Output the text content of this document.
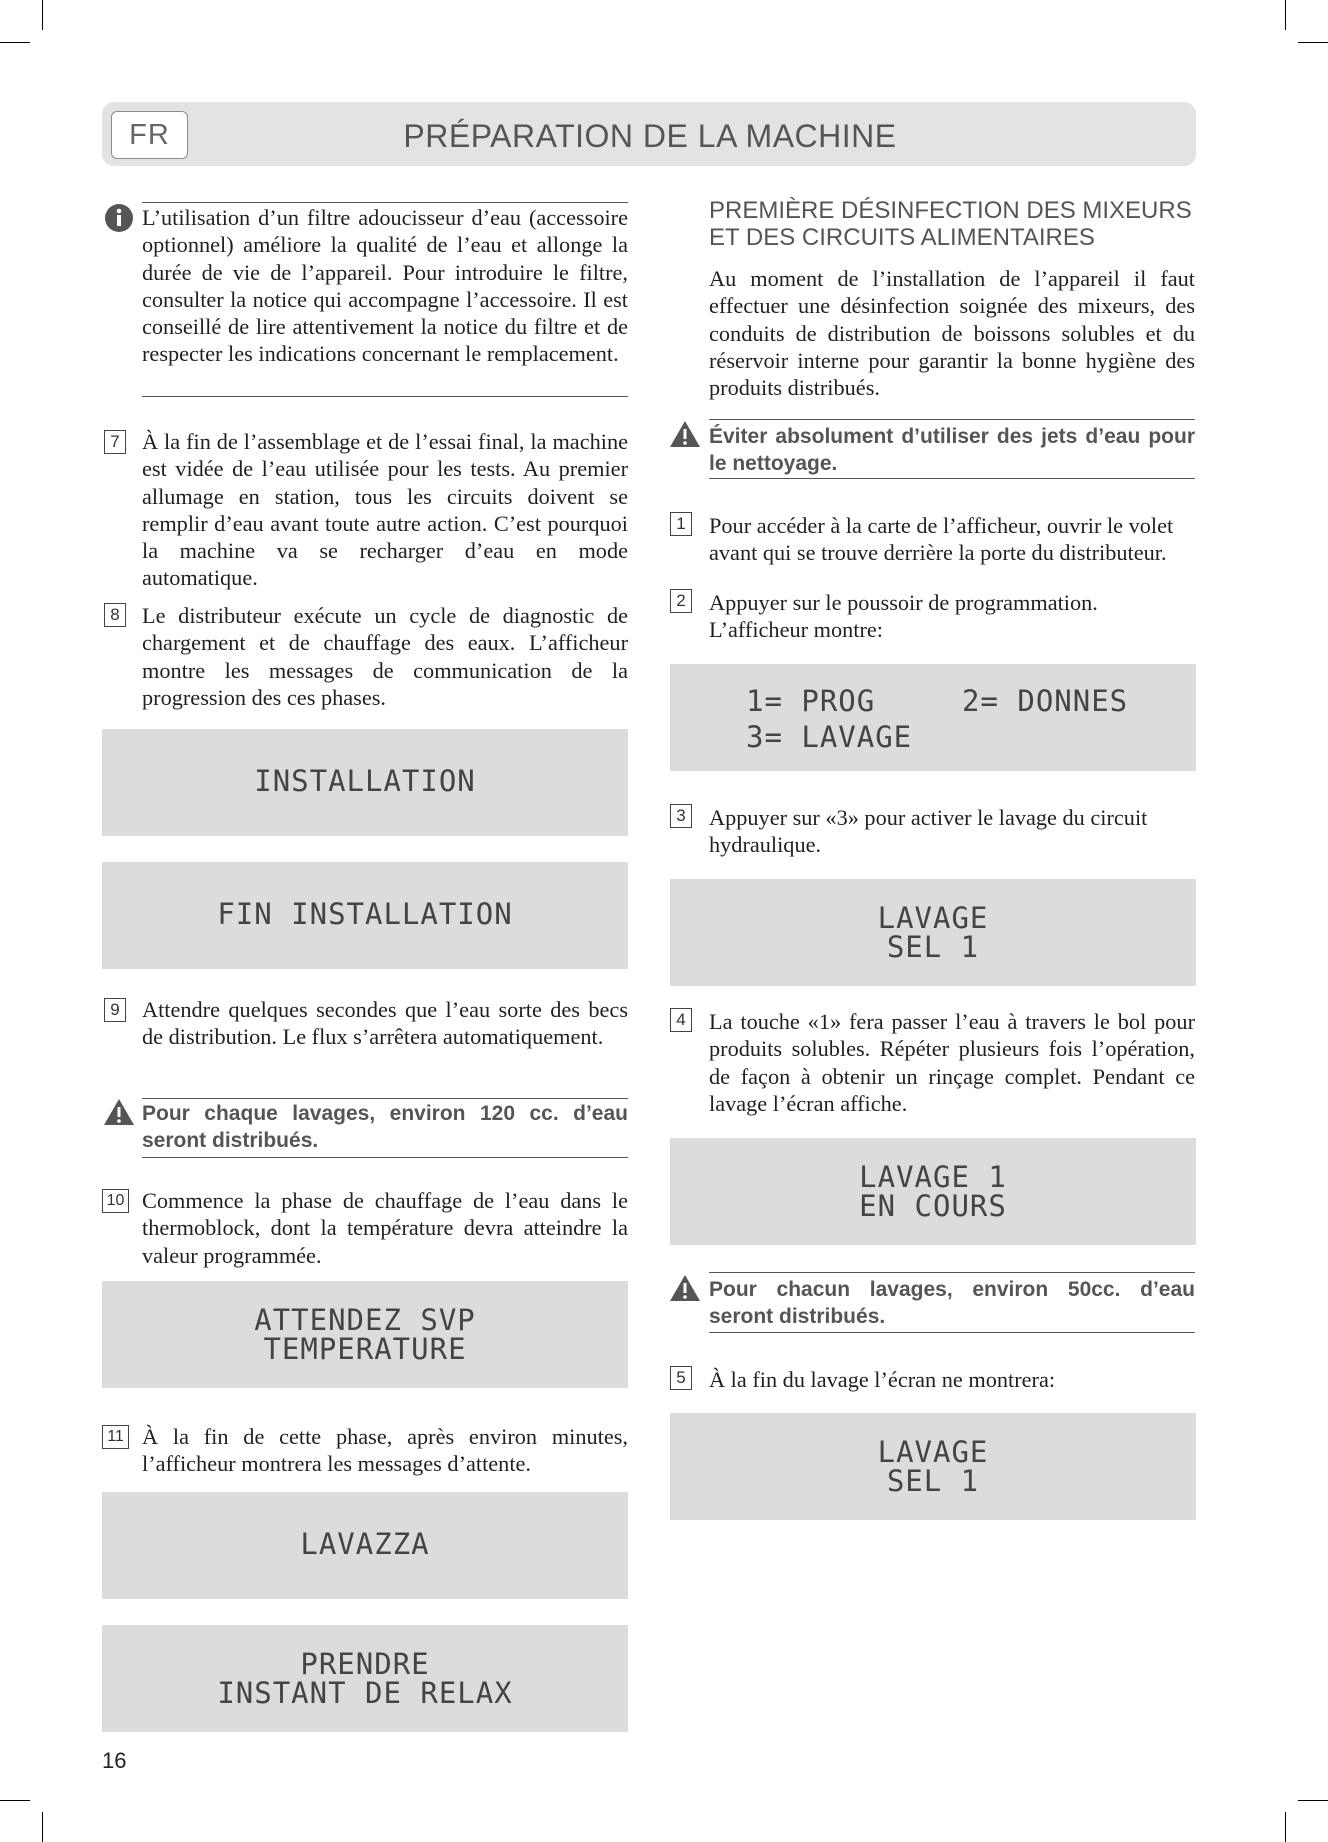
FR	PRÉPARATION DE LA MACHINE

L’utilisation d’un filtre adoucisseur d’eau (accessoire optionnel) améliore la qualité de l’eau et allonge la durée de vie de l’appareil. Pour introduire le filtre, consulter la notice qui accompagne l’accessoire. Il est conseillé de lire attentivement la notice du filtre et de respecter les indications concernant le remplacement.

7 À la fin de l’assemblage et de l’essai final, la machine est vidée de l’eau utilisée pour les tests. Au premier allumage en station, tous les circuits doivent se remplir d’eau avant toute autre action. C’est pourquoi la machine va se recharger d’eau en mode automatique.

8 Le distributeur exécute un cycle de diagnostic de chargement et de chauffage des eaux. L’afficheur montre les messages de communication de la progression des ces phases.

INSTALLATION
FIN INSTALLATION
9 Attendre quelques secondes que l’eau sorte des becs de distribution. Le flux s’arrêtera automatiquement.

Pour chaque lavages, environ 120 cc. d’eau seront distribués.

10 Commence la phase de chauffage de l’eau dans le thermoblock, dont la température devra atteindre la valeur programmée.

ATTENDEZ SVP
TEMPERATURE
11 À la fin de cette phase, après environ minutes, l’afficheur montrera les messages d’attente.

LAVAZZA
PRENDRE
INSTANT DE RELAX

PREMIÈRE DÉSINFECTION DES MIXEURS

ET DES CIRCUITS ALIMENTAIRES

Au moment de l’installation de l’appareil il faut effectuer une désinfection soignée des mixeurs, des conduits de distribution de boissons solubles et du réservoir interne pour garantir la bonne hygiène des produits distribués.

Éviter absolument d’utiliser des jets d’eau pour le nettoyage.

1 Pour accéder à la carte de l’afficheur, ouvrir le volet avant qui se trouve derrière la porte du distributeur.

2 Appuyer sur le poussoir de programmation.

L’afficheur montre:

1= PROG	2= DONNES
3= LAVAGE
3 Appuyer sur «3» pour activer le lavage du circuit hydraulique.

LAVAGE
SEL 1
4 La touche «1» fera passer l’eau à travers le bol pour produits solubles. Répéter plusieurs fois l’opération, de façon à obtenir un rinçage complet. Pendant ce lavage l’écran affiche.

LAVAGE 1
EN COURS

Pour chacun lavages, environ 50cc. d’eau seront distribués.

5 À la fin du lavage l’écran ne montrera:

LAVAGE
SEL 1
16
